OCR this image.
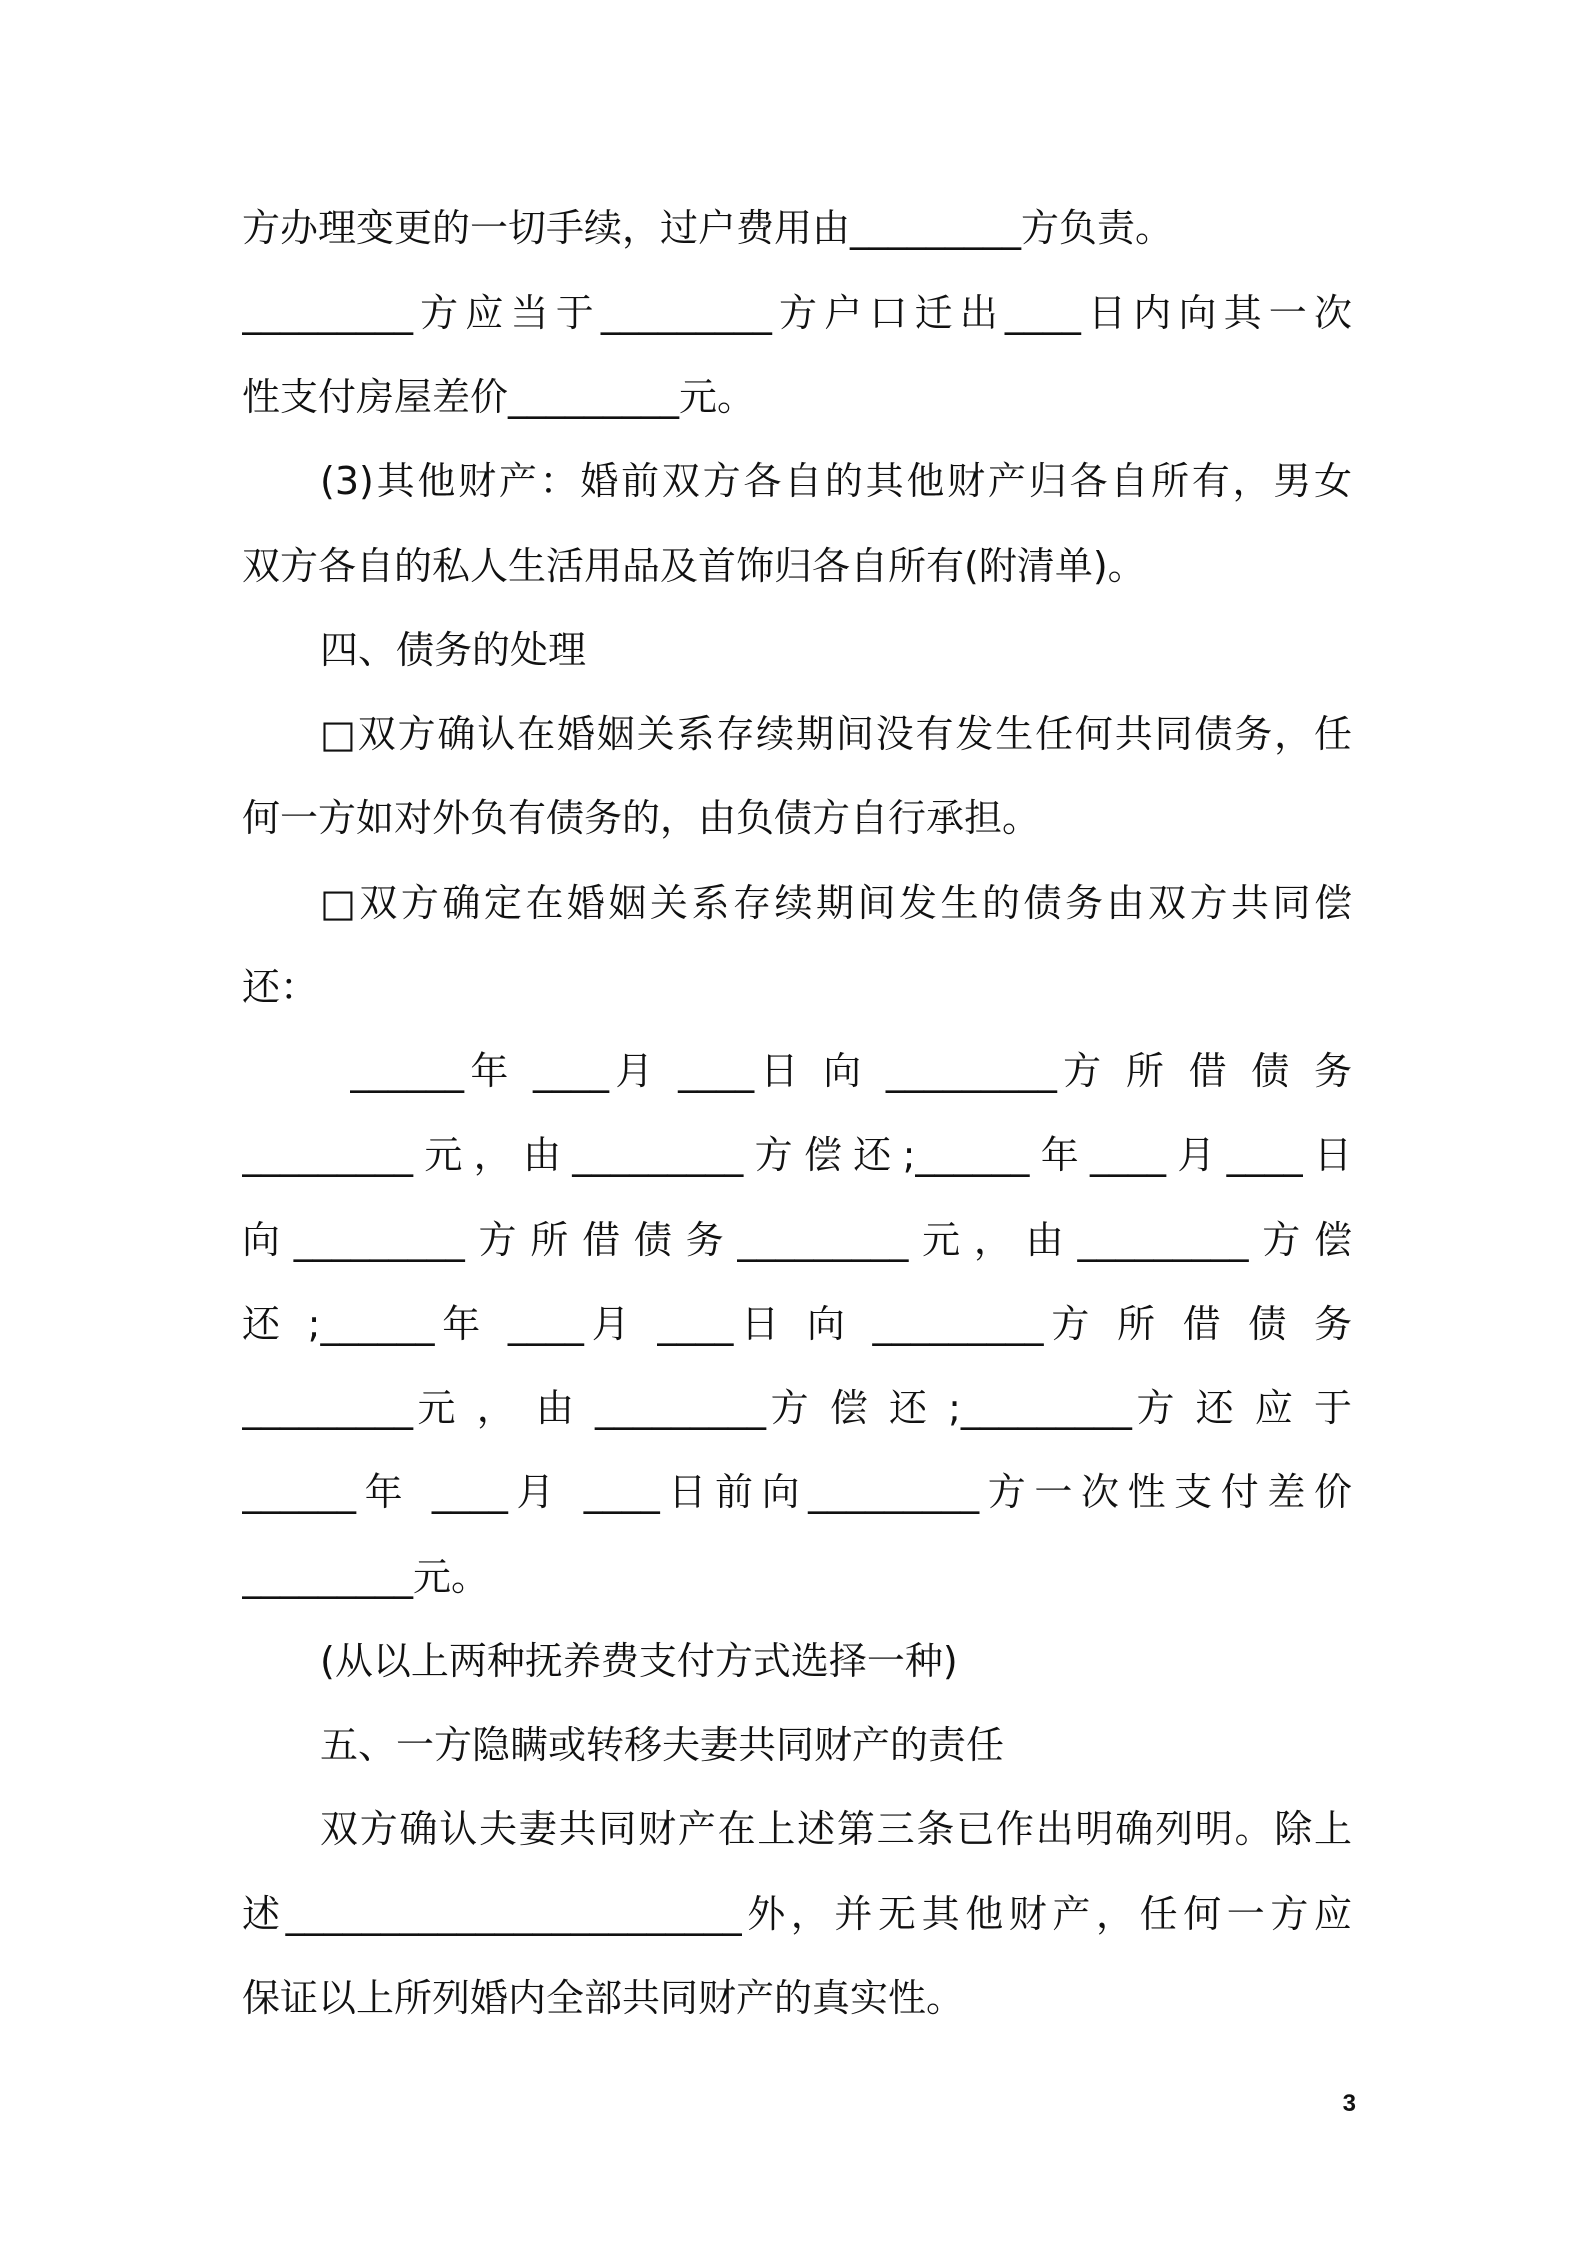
方办理变更的一切手续，过户费用由_________方负责。
_________方应当于_________方户口迁出____日内向其一次
性支付房屋差价_________元。
(3)其他财产：婚前双方各自的其他财产归各自所有，男女
双方各自的私人生活用品及首饰归各自所有(附清单)。
四、债务的处理
□双方确认在婚姻关系存续期间没有发生任何共同债务，任
何一方如对外负有债务的，由负债方自行承担。
□双方确定在婚姻关系存续期间发生的债务由双方共同偿
还：
______年 ____月 ____日 向 _________方 所 借 债 务
_________元，由_________方偿还;______年____月____日
向_________方所借债务_________元，由_________方偿
还 ;______年 ____月 ____日 向 _________方 所 借 债 务
_________元 ， 由 _________方 偿 还 ;_________方 还 应 于
______年 ____月 ____日前向_________方一次性支付差价
_________元。
(从以上两种抚养费支付方式选择一种)
五、一方隐瞒或转移夫妻共同财产的责任
双方确认夫妻共同财产在上述第三条已作出明确列明。除上
述________________________外，并无其他财产，任何一方应
保证以上所列婚内全部共同财产的真实性。
3
